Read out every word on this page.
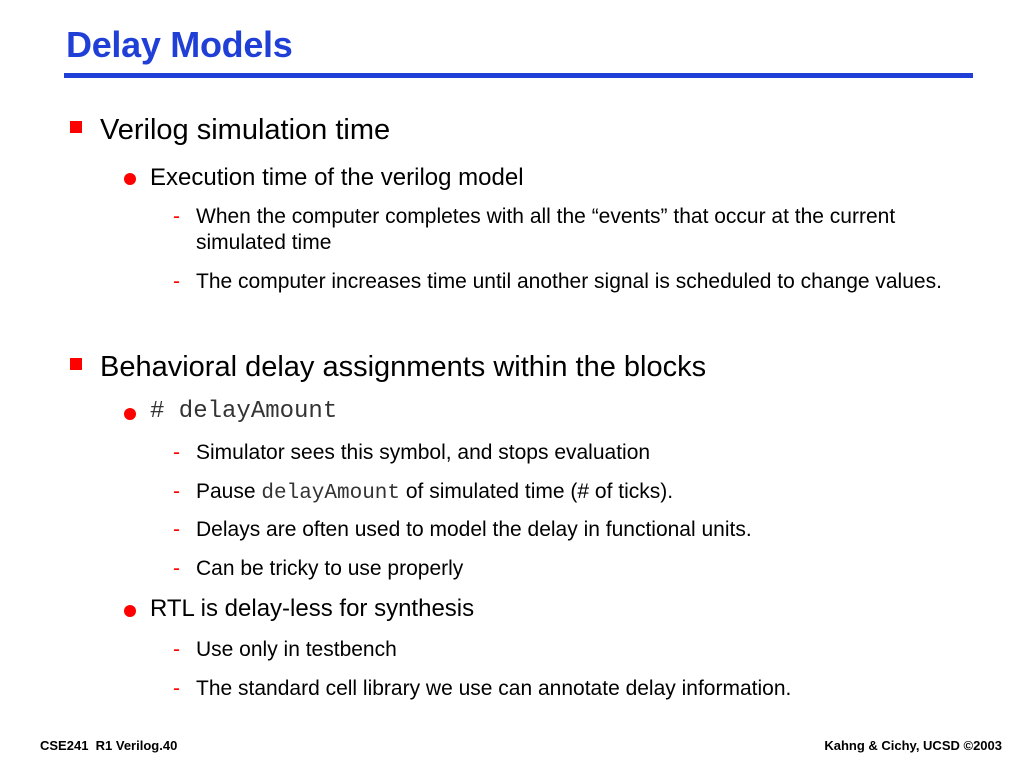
Delay Models
Verilog simulation time
Execution time of the verilog model
- When the computer completes with all the “events” that occur at the current simulated time
- The computer increases time until another signal is scheduled to change values.
Behavioral delay assignments within the blocks
# delayAmount
- Simulator sees this symbol, and stops evaluation
- Pause delayAmount of simulated time (# of ticks).
- Delays are often used to model the delay in functional units.
- Can be tricky to use properly
RTL is delay-less for synthesis
- Use only in testbench
- The standard cell library we use can annotate delay information.
CSE241  R1 Verilog.40	Kahng & Cichy, UCSD ©2003
